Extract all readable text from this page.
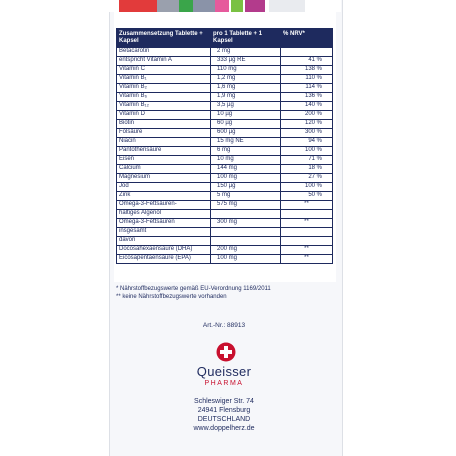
Zusammensetzung Tablette + Kapsel	pro 1 Tablette + 1 Kapsel	% NRV*
Betacarotin	2 mg	
entspricht Vitamin A	333 µg RE	41 %
Vitamin C	110 mg	138 %
Vitamin B₁	1,2 mg	110 %
Vitamin B₂	1,6 mg	114 %
Vitamin B₆	1,9 mg	136 %
Vitamin B₁₂	3,5 µg	140 %
Vitamin D	10 µg	200 %
Biotin	60 µg	120 %
Folsäure	600 µg	300 %
Niacin	15 mg NE	94 %
Pantothensäure	6 mg	100 %
Eisen	10 mg	71 %
Calcium	144 mg	18 %
Magnesium	100 mg	27 %
Jod	150 µg	100 %
Zink	5 mg	50 %
Omega-3-Fettsäuren-	575 mg	**
haltiges Algenöl		
Omega-3-Fettsäuren	300 mg	**
insgesamt		
davon		
Docosahexaensäure (DHA)	200 mg	**
Eicosapentaensäure (EPA)	100 mg	**
* Nährstoffbezugswerte gemäß EU-Verordnung 1169/2011
** keine Nährstoffbezugswerte vorhanden
Art.-Nr.: 88913
Queisser
PHARMA
Schleswiger Str. 74
24941 Flensburg
DEUTSCHLAND
www.doppelherz.de
